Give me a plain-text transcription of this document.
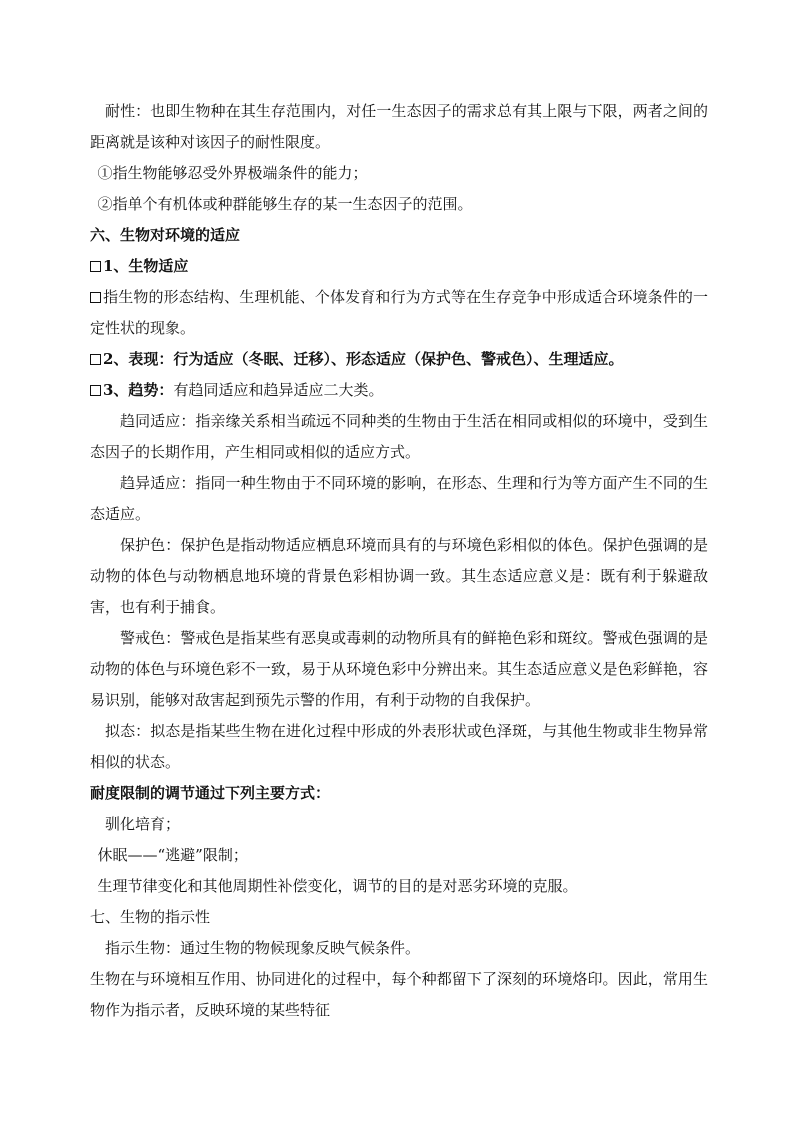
耐性：也即生物种在其生存范围内，对任一生态因子的需求总有其上限与下限，两者之间的距离就是该种对该因子的耐性限度。

①指生物能够忍受外界极端条件的能力；

②指单个有机体或种群能够生存的某一生态因子的范围。

六、生物对环境的适应

1、生物适应

指生物的形态结构、生理机能、个体发育和行为方式等在生存竞争中形成适合环境条件的一定性状的现象。

2、表现：行为适应（冬眠、迁移）、形态适应（保护色、警戒色）、生理适应。

3、趋势：有趋同适应和趋异适应二大类。

趋同适应：指亲缘关系相当疏远不同种类的生物由于生活在相同或相似的环境中，受到生态因子的长期作用，产生相同或相似的适应方式。

趋异适应：指同一种生物由于不同环境的影响，在形态、生理和行为等方面产生不同的生态适应。

保护色：保护色是指动物适应栖息环境而具有的与环境色彩相似的体色。保护色强调的是动物的体色与动物栖息地环境的背景色彩相协调一致。其生态适应意义是：既有利于躲避敌害，也有利于捕食。

警戒色：警戒色是指某些有恶臭或毒刺的动物所具有的鲜艳色彩和斑纹。警戒色强调的是动物的体色与环境色彩不一致，易于从环境色彩中分辨出来。其生态适应意义是色彩鲜艳，容易识别，能够对敌害起到预先示警的作用，有利于动物的自我保护。

拟态：拟态是指某些生物在进化过程中形成的外表形状或色泽斑，与其他生物或非生物异常相似的状态。

耐度限制的调节通过下列主要方式：

驯化培育；

休眠——“逃避”限制；

生理节律变化和其他周期性补偿变化，调节的目的是对恶劣环境的克服。

七、生物的指示性

指示生物：通过生物的物候现象反映气候条件。

生物在与环境相互作用、协同进化的过程中，每个种都留下了深刻的环境烙印。因此，常用生物作为指示者，反映环境的某些特征
